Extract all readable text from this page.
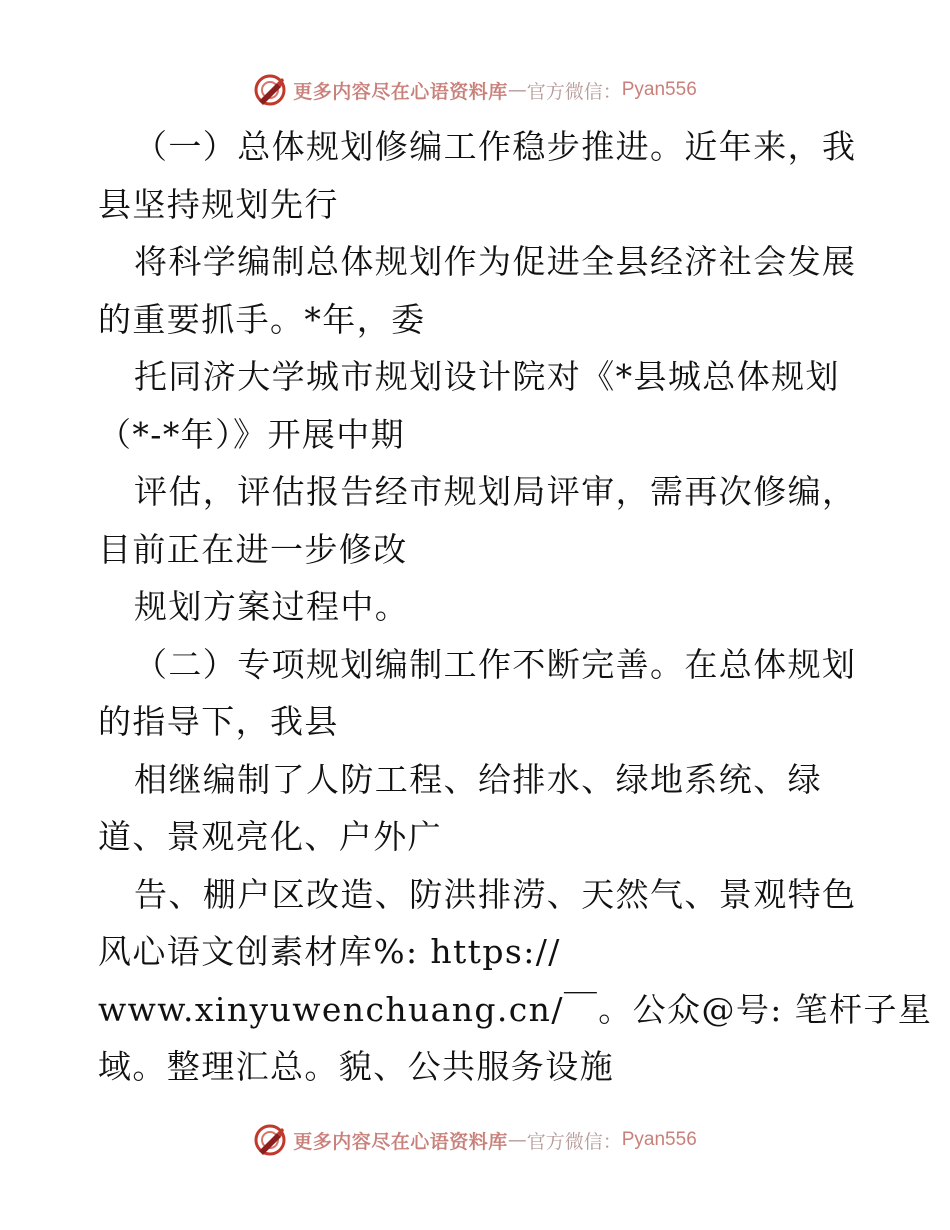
更多内容尽在心语资料库 — 官方微信： Pyan556
（一）总体规划修编工作稳步推进。近年来，我
县坚持规划先行
将科学编制总体规划作为促进全县经济社会发展
的重要抓手。*年，委
托同济大学城市规划设计院对《*县城总体规划
（*-*年）》开展中期
评估，评估报告经市规划局评审，需再次修编，
目前正在进一步修改
规划方案过程中。
（二）专项规划编制工作不断完善。在总体规划
的指导下，我县
相继编制了人防工程、给排水、绿地系统、绿
道、景观亮化、户外广
告、棚户区改造、防洪排涝、天然气、景观特色
风心语文创素材库%: https://
www.xinyuwenchuang.cn/￣。公众@号: 笔杆子星
域。整理汇总。貌、公共服务设施
更多内容尽在心语资料库 — 官方微信： Pyan556
